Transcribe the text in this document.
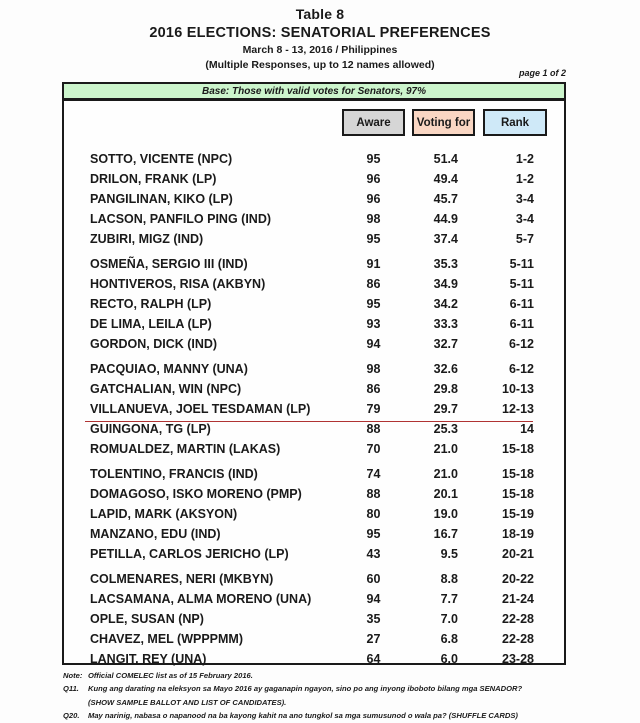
Table 8
2016 ELECTIONS: SENATORIAL PREFERENCES
March 8 - 13, 2016 / Philippines
(Multiple Responses, up to 12 names allowed)
page 1 of 2
Base: Those with valid votes for Senators, 97%
Aware	Voting for	Rank
SOTTO, VICENTE (NPC)	95	51.4	1-2
DRILON, FRANK (LP)	96	49.4	1-2
PANGILINAN, KIKO (LP)	96	45.7	3-4
LACSON, PANFILO PING (IND)	98	44.9	3-4
ZUBIRI, MIGZ (IND)	95	37.4	5-7
OSMEÑA, SERGIO III (IND)	91	35.3	5-11
HONTIVEROS, RISA (AKBYN)	86	34.9	5-11
RECTO, RALPH (LP)	95	34.2	6-11
DE LIMA, LEILA (LP)	93	33.3	6-11
GORDON, DICK (IND)	94	32.7	6-12
PACQUIAO, MANNY (UNA)	98	32.6	6-12
GATCHALIAN, WIN (NPC)	86	29.8	10-13
VILLANUEVA, JOEL TESDAMAN (LP)	79	29.7	12-13
GUINGONA, TG (LP)	88	25.3	14
ROMUALDEZ, MARTIN (LAKAS)	70	21.0	15-18
TOLENTINO, FRANCIS (IND)	74	21.0	15-18
DOMAGOSO, ISKO MORENO (PMP)	88	20.1	15-18
LAPID, MARK (AKSYON)	80	19.0	15-19
MANZANO, EDU (IND)	95	16.7	18-19
PETILLA, CARLOS JERICHO (LP)	43	9.5	20-21
COLMENARES, NERI (MKBYN)	60	8.8	20-22
LACSAMANA, ALMA MORENO (UNA)	94	7.7	21-24
OPLE, SUSAN (NP)	35	7.0	22-28
CHAVEZ, MEL (WPPPMM)	27	6.8	22-28
LANGIT, REY (UNA)	64	6.0	23-28
Note: Official COMELEC list as of 15 February 2016.
Q11. Kung ang darating na eleksyon sa Mayo 2016 ay gaganapin ngayon, sino po ang inyong iboboto bilang mga SENADOR?
(SHOW SAMPLE BALLOT AND LIST OF CANDIDATES).
Q20. May narinig, nabasa o napanood na ba kayong kahit na ano tungkol sa mga sumusunod o wala pa? (SHUFFLE CARDS)
